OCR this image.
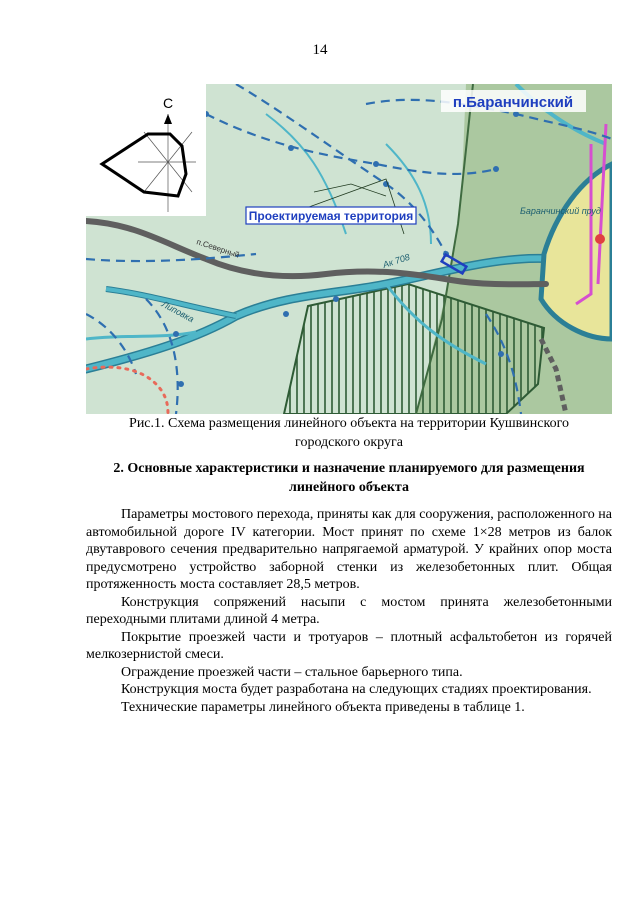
14
п.Северный
Липовка
Ак 708
Баранчинский пруд
Проектируемая территория
п.Баранчинский
С
Рис.1. Схема размещения линейного объекта на территории Кушвинского
городского округа
2. Основные характеристики и назначение планируемого для размещения
линейного объекта

Параметры мостового перехода, приняты как для сооружения, расположенного на автомобильной дороге IV категории. Мост принят по схеме 1×28 метров из балок двутаврового сечения предварительно напрягаемой арматурой. У крайних опор моста предусмотрено устройство заборной стенки из железобетонных плит. Общая протяженность моста составляет 28,5 метров.

Конструкция сопряжений насыпи с мостом принята железобетонными переходными плитами длиной 4 метра.

Покрытие проезжей части и тротуаров – плотный асфальтобетон из горячей мелкозернистой смеси.

Ограждение проезжей части – стальное барьерного типа.

Конструкция моста будет разработана на следующих стадиях проектирования.

Технические параметры линейного объекта приведены в таблице 1.
